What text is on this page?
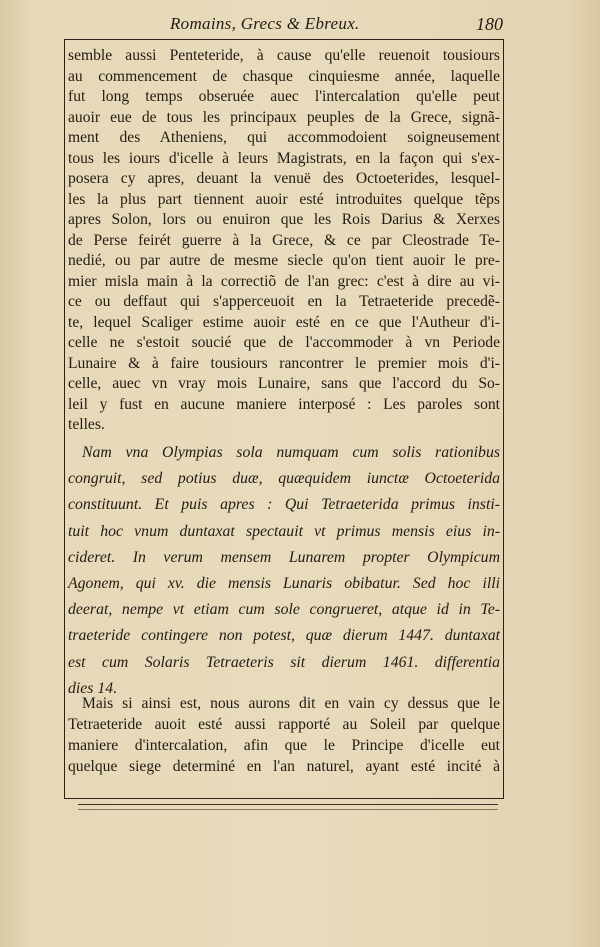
Romains, Grecs & Ebreux.	180
semble aussi Penteteride, à cause qu'elle reuenoit tousiours
au commencement de chasque cinquiesme année, laquelle
fut long temps obseruée auec l'intercalation qu'elle peut
auoir eue de tous les principaux peuples de la Grece, signã-
ment des Atheniens, qui accommodoient soigneusement
tous les iours d'icelle à leurs Magistrats, en la façon qui s'ex-
posera cy apres, deuant la venuë des Octoeterides, lesquel-
les la plus part tiennent auoir esté introduites quelque tẽps
apres Solon, lors ou enuiron que les Rois Darius & Xerxes
de Perse feirét guerre à la Grece, & ce par Cleostrade Te-
nedié, ou par autre de mesme siecle qu'on tient auoir le pre-
mier misla main à la correctiõ de l'an grec: c'est à dire au vi-
ce ou deffaut qui s'apperceuoit en la Tetraeteride precedẽ-
te, lequel Scaliger estime auoir esté en ce que l'Autheur d'i-
celle ne s'estoit soucié que de l'accommoder à vn Periode
Lunaire & à faire tousiours rancontrer le premier mois d'i-
celle, auec vn vray mois Lunaire, sans que l'accord du So-
leil y fust en aucune maniere interposé : Les paroles sont
telles.
Nam vna Olympias sola numquam cum solis rationibus
congruit, sed potius duæ, quæquidem iunctæ Octoeterida
constituunt. Et puis apres : Qui Tetraeterida primus insti-
tuit hoc vnum duntaxat spectauit vt primus mensis eius in-
cideret. In verum mensem Lunarem propter Olympicum
Agonem, qui xv. die mensis Lunaris obibatur. Sed hoc illi
deerat, nempe vt etiam cum sole congrueret, atque id in Te-
traeteride contingere non potest, quæ dierum 1447. duntaxat
est cum Solaris Tetraeteris sit dierum 1461. differentia
dies 14.
Mais si ainsi est, nous aurons dit en vain cy dessus que le
Tetraeteride auoit esté aussi rapporté au Soleil par quelque
maniere d'intercalation, afin que le Principe d'icelle eut
quelque siege determiné en l'an naturel, ayant esté incité à
